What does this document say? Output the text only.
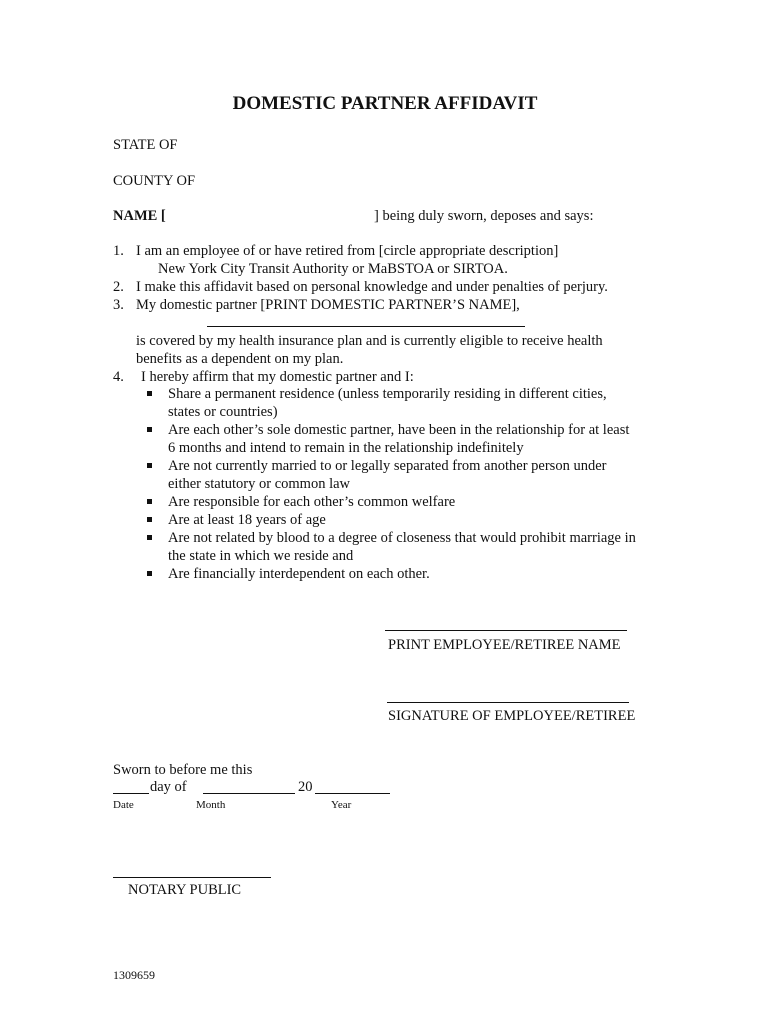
DOMESTIC PARTNER AFFIDAVIT
STATE OF
COUNTY OF
NAME [	] being duly sworn, deposes and says:
1. I am an employee of or have retired from [circle appropriate description]
New York City Transit Authority or MaBSTOA or SIRTOA.
2. I make this affidavit based on personal knowledge and under penalties of perjury.
3. My domestic partner [PRINT DOMESTIC PARTNER’S NAME],
is covered by my health insurance plan and is currently eligible to receive health
benefits as a dependent on my plan.
4. I hereby affirm that my domestic partner and I:
Share a permanent residence (unless temporarily residing in different cities,
states or countries)
Are each other’s sole domestic partner, have been in the relationship for at least
6 months and intend to remain in the relationship indefinitely
Are not currently married to or legally separated from another person under
either statutory or common law
Are responsible for each other’s common welfare
Are at least 18 years of age
Are not related by blood to a degree of closeness that would prohibit marriage in
the state in which we reside and
Are financially interdependent on each other.
PRINT EMPLOYEE/RETIREE NAME
SIGNATURE OF EMPLOYEE/RETIREE
Sworn to before me this
day of	20
Date	Month	Year
NOTARY PUBLIC
1309659
